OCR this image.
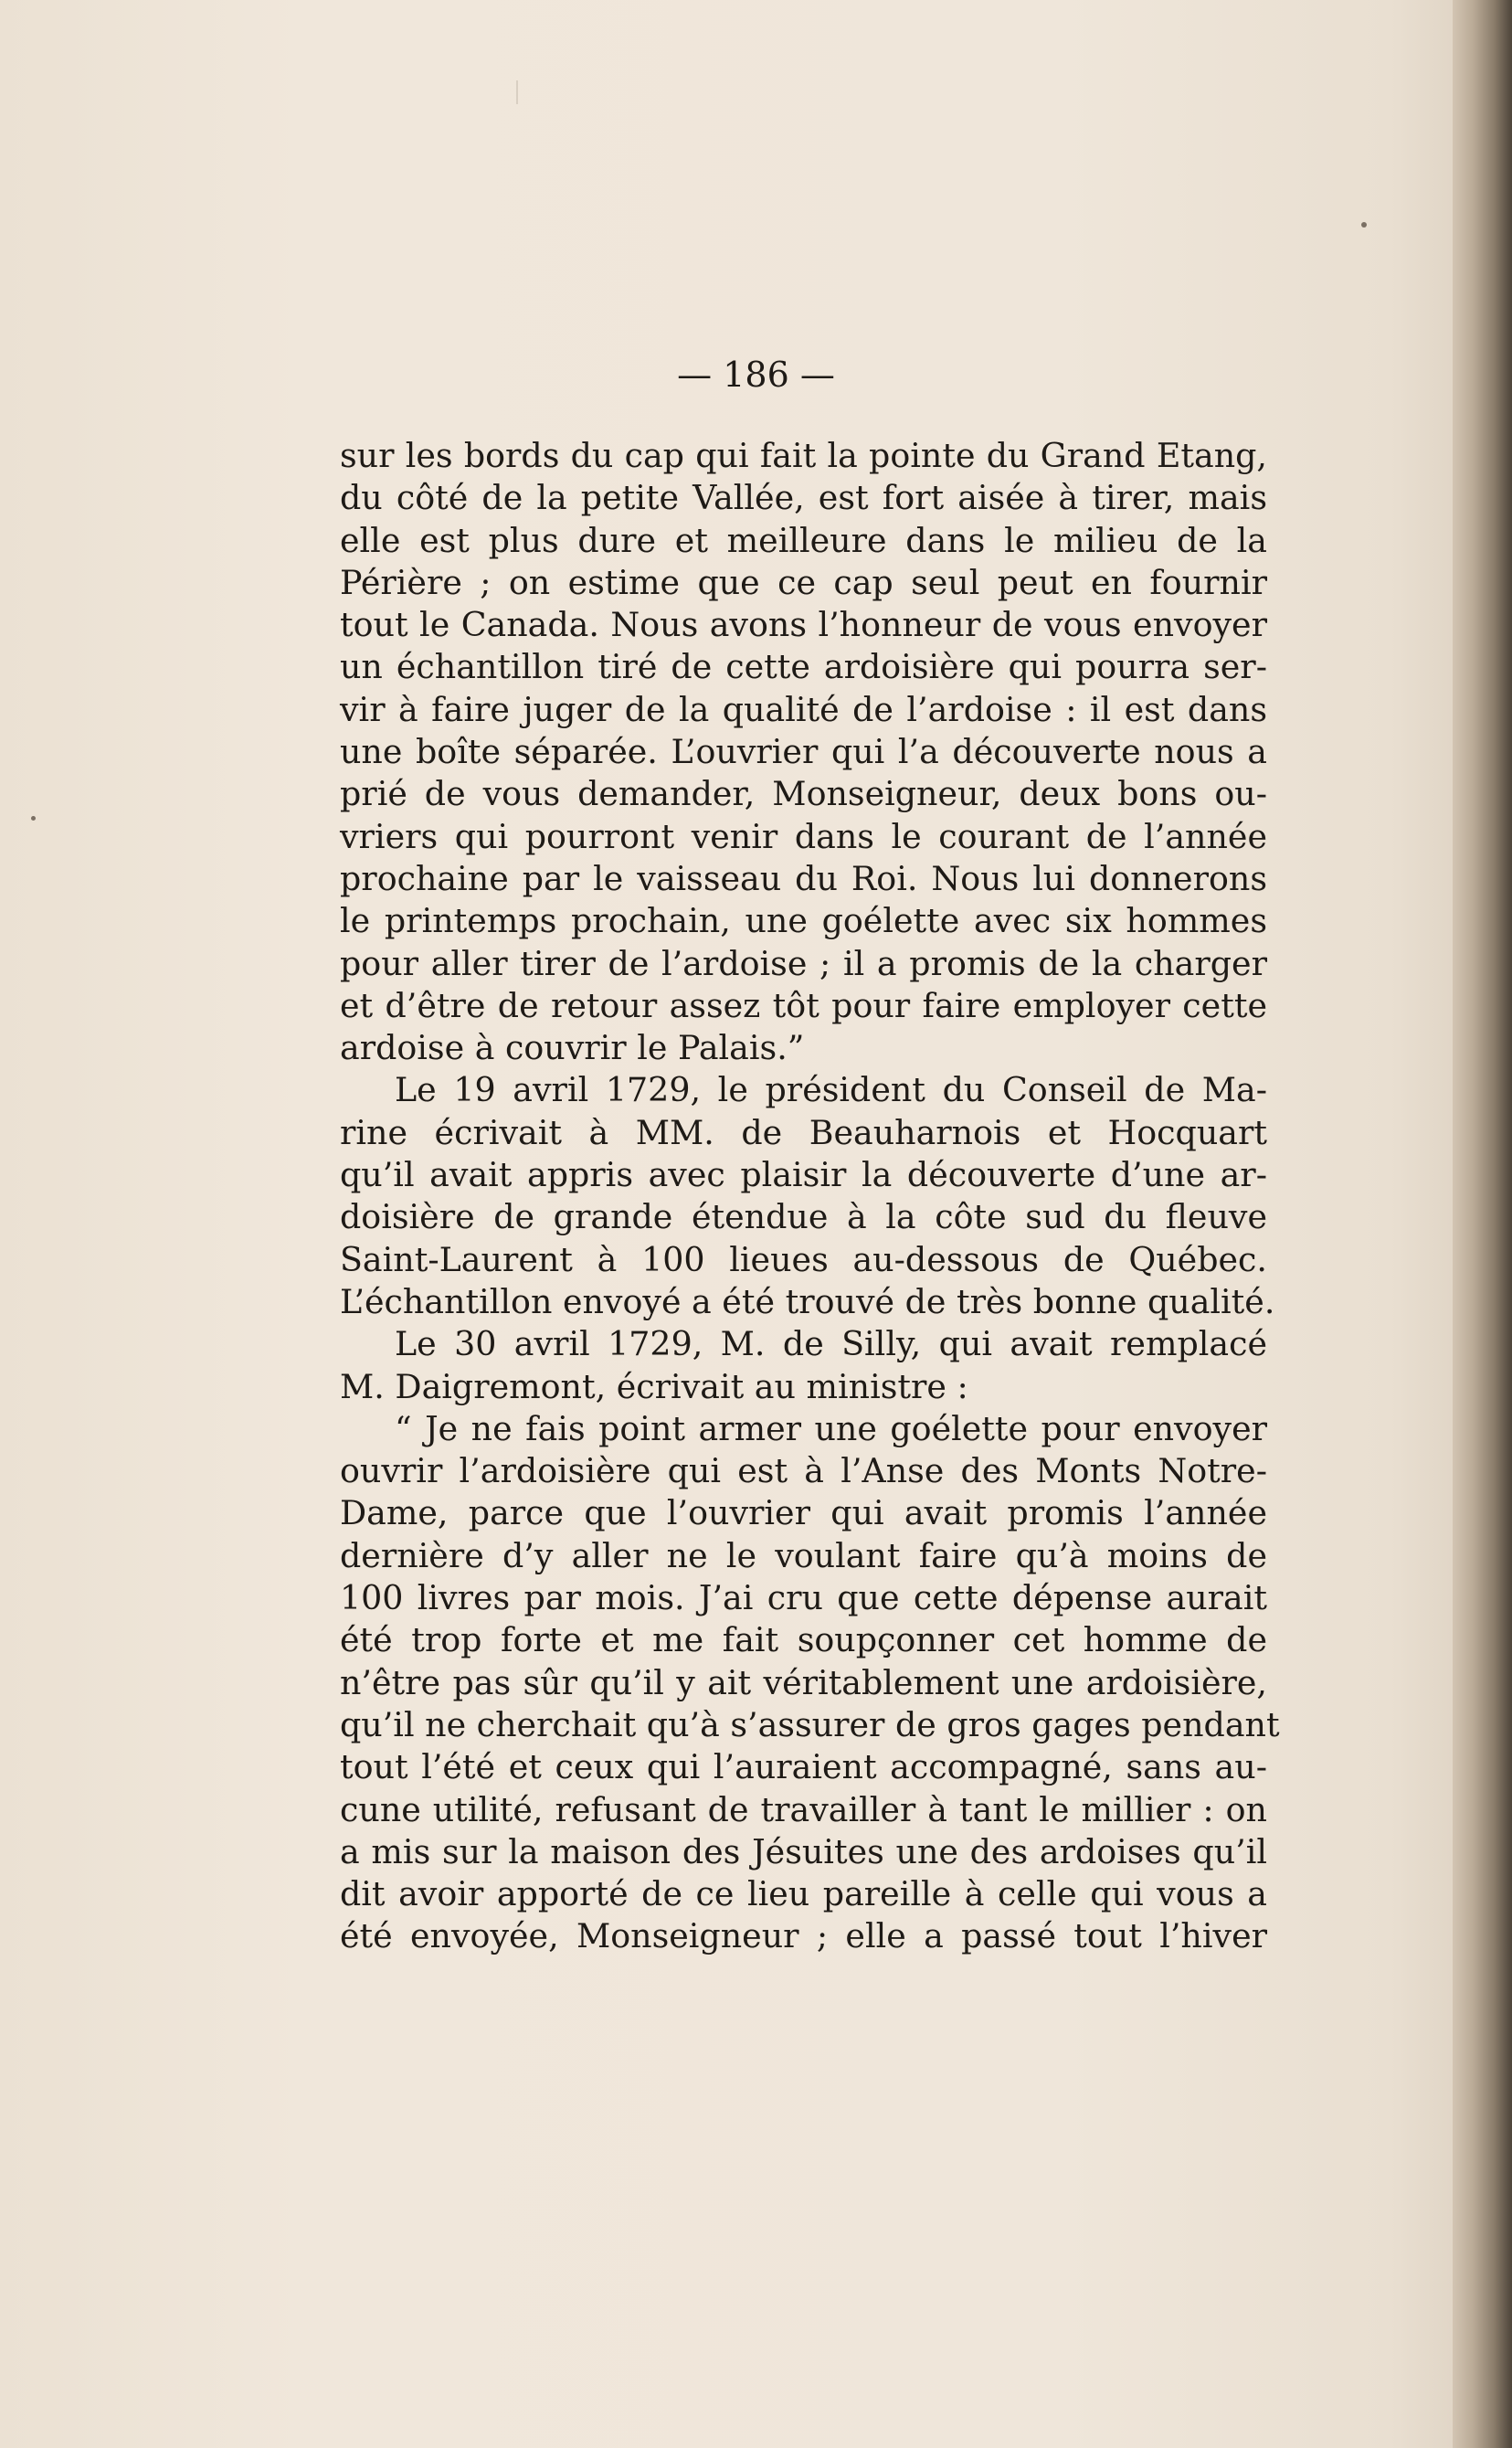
— 186 —
sur les bords du cap qui fait la pointe du Grand Etang,
du côté de la petite Vallée, est fort aisée à tirer, mais
elle est plus dure et meilleure dans le milieu de la
Périère ; on estime que ce cap seul peut en fournir
tout le Canada. Nous avons l’honneur de vous envoyer
un échantillon tiré de cette ardoisière qui pourra ser-
vir à faire juger de la qualité de l’ardoise : il est dans
une boîte séparée. L’ouvrier qui l’a découverte nous a
prié de vous demander, Monseigneur, deux bons ou-
vriers qui pourront venir dans le courant de l’année
prochaine par le vaisseau du Roi. Nous lui donnerons
le printemps prochain, une goélette avec six hommes
pour aller tirer de l’ardoise ; il a promis de la charger
et d’être de retour assez tôt pour faire employer cette
ardoise à couvrir le Palais.”
Le 19 avril 1729, le président du Conseil de Ma-
rine écrivait à MM. de Beauharnois et Hocquart
qu’il avait appris avec plaisir la découverte d’une ar-
doisière de grande étendue à la côte sud du fleuve
Saint-Laurent à 100 lieues au-dessous de Québec.
L’échantillon envoyé a été trouvé de très bonne qualité.
Le 30 avril 1729, M. de Silly, qui avait remplacé
M. Daigremont, écrivait au ministre :
“ Je ne fais point armer une goélette pour envoyer
ouvrir l’ardoisière qui est à l’Anse des Monts Notre-
Dame, parce que l’ouvrier qui avait promis l’année
dernière d’y aller ne le voulant faire qu’à moins de
100 livres par mois. J’ai cru que cette dépense aurait
été trop forte et me fait soupçonner cet homme de
n’être pas sûr qu’il y ait véritablement une ardoisière,
qu’il ne cherchait qu’à s’assurer de gros gages pendant
tout l’été et ceux qui l’auraient accompagné, sans au-
cune utilité, refusant de travailler à tant le millier : on
a mis sur la maison des Jésuites une des ardoises qu’il
dit avoir apporté de ce lieu pareille à celle qui vous a
été envoyée, Monseigneur ; elle a passé tout l’hiver
